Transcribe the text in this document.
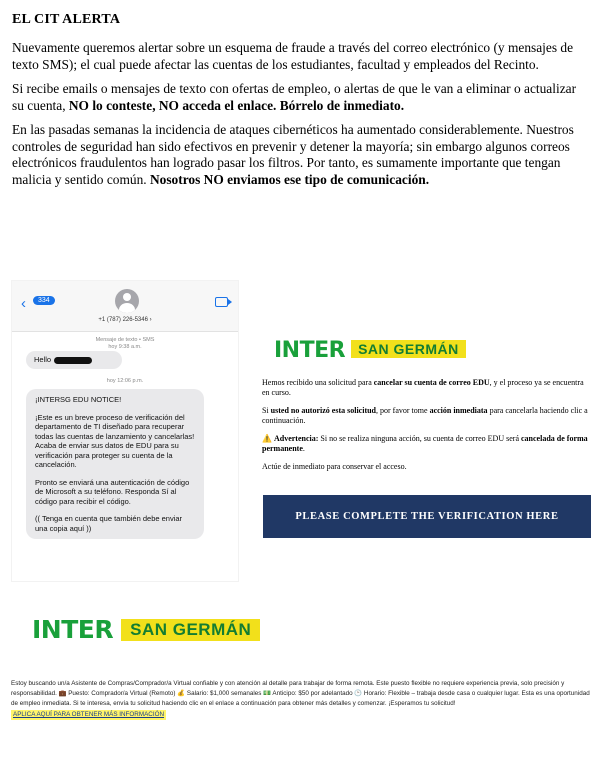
EL CIT ALERTA

Nuevamente queremos alertar sobre un esquema de fraude a través del correo electrónico (y mensajes de texto SMS); el cual puede afectar las cuentas de los estudiantes, facultad y empleados del Recinto.

Si recibe emails o mensajes de texto con ofertas de empleo, o alertas de que le van a eliminar o actualizar su cuenta, NO lo conteste, NO acceda el enlace. Bórrelo de inmediato.

En las pasadas semanas la incidencia de ataques cibernéticos ha aumentado considerablemente. Nuestros controles de seguridad han sido efectivos en prevenir y detener la mayoría; sin embargo algunos correos electrónicos fraudulentos han logrado pasar los filtros. Por tanto, es sumamente importante que tengan malicia y sentido común. Nosotros NO enviamos ese tipo de comunicación.

‹	334
+1 (787) 226-5346 ›
Mensaje de texto • SMS
hoy 9:38 a.m.
Hello
hoy 12:06 p.m.

¡INTERSG EDU NOTICE!

¡Este es un breve proceso de verificación del departamento de TI diseñado para recuperar todas las cuentas de lanzamiento y cancelarlas! Acaba de enviar sus datos de EDU para su verificación para proteger su cuenta de la cancelación.

Pronto se enviará una autenticación de código de Microsoft a su teléfono. Responda Sí al código para recibir el código.

(( Tenga en cuenta que también debe enviar una copia aquí ))

INTER SAN GERMÁN
Hemos recibido una solicitud para cancelar su cuenta de correo EDU, y el proceso ya se encuentra en curso.
Si usted no autorizó esta solicitud, por favor tome acción inmediata para cancelarla haciendo clic a continuación.
⚠️ Advertencia: Si no se realiza ninguna acción, su cuenta de correo EDU será cancelada de forma permanente.
Actúe de inmediato para conservar el acceso.
PLEASE COMPLETE THE VERIFICATION HERE
INTER SAN GERMÁN
Estoy buscando un/a Asistente de Compras/Comprador/a Virtual confiable y con atención al detalle para trabajar de forma remota. Este puesto flexible no requiere experiencia previa, solo precisión y responsabilidad. 💼 Puesto: Comprador/a Virtual (Remoto) 💰 Salario: $1,000 semanales 💵 Anticipo: $50 por adelantado 🕒 Horario: Flexible – trabaja desde casa o cualquier lugar. Esta es una oportunidad de empleo inmediata. Si te interesa, envía tu solicitud haciendo clic en el enlace a continuación para obtener más detalles y comenzar. ¡Esperamos tu solicitud!
APLICA AQUÍ PARA OBTENER MÁS INFORMACIÓN
